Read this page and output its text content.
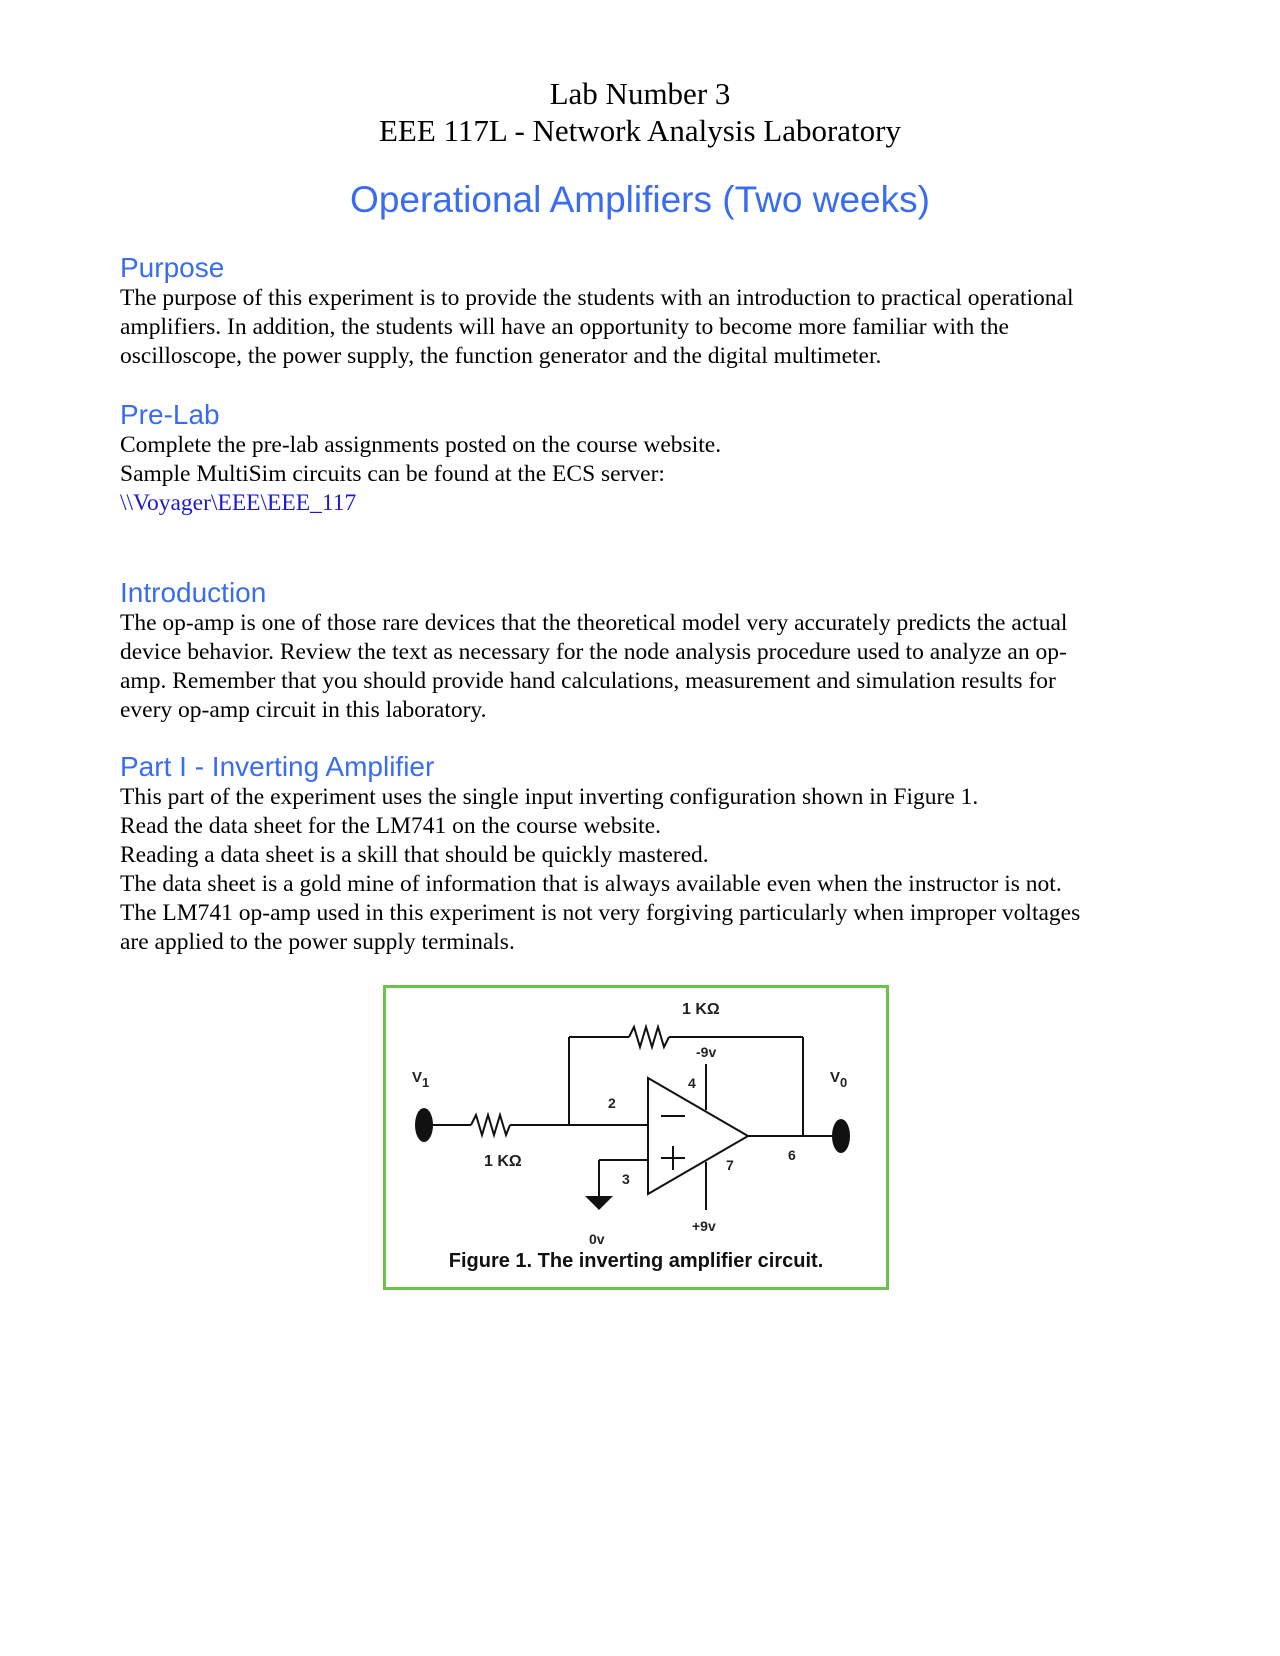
Lab Number 3
EEE 117L - Network Analysis Laboratory
Operational Amplifiers (Two weeks)
Purpose
The purpose of this experiment is to provide the students with an introduction to practical operational
amplifiers. In addition, the students will have an opportunity to become more familiar with the
oscilloscope, the power supply, the function generator and the digital multimeter.
Pre-Lab
Complete the pre-lab assignments posted on the course website.
Sample MultiSim circuits can be found at the ECS server:
\\Voyager\EEE\EEE_117
Introduction
The op-amp is one of those rare devices that the theoretical model very accurately predicts the actual
device behavior. Review the text as necessary for the node analysis procedure used to analyze an op-
amp. Remember that you should provide hand calculations, measurement and simulation results for
every op-amp circuit in this laboratory.
Part I - Inverting Amplifier
This part of the experiment uses the single input inverting configuration shown in Figure 1.
Read the data sheet for the LM741 on the course website.
Reading a data sheet is a skill that should be quickly mastered.
The data sheet is a gold mine of information that is always available even when the instructor is not.
The LM741 op-amp used in this experiment is not very forgiving particularly when improper voltages
are applied to the power supply terminals.
1 KΩ
1 KΩ
-9v
+9v
0v
2
3
4
6
7
V1	V0
Figure 1. The inverting amplifier circuit.
